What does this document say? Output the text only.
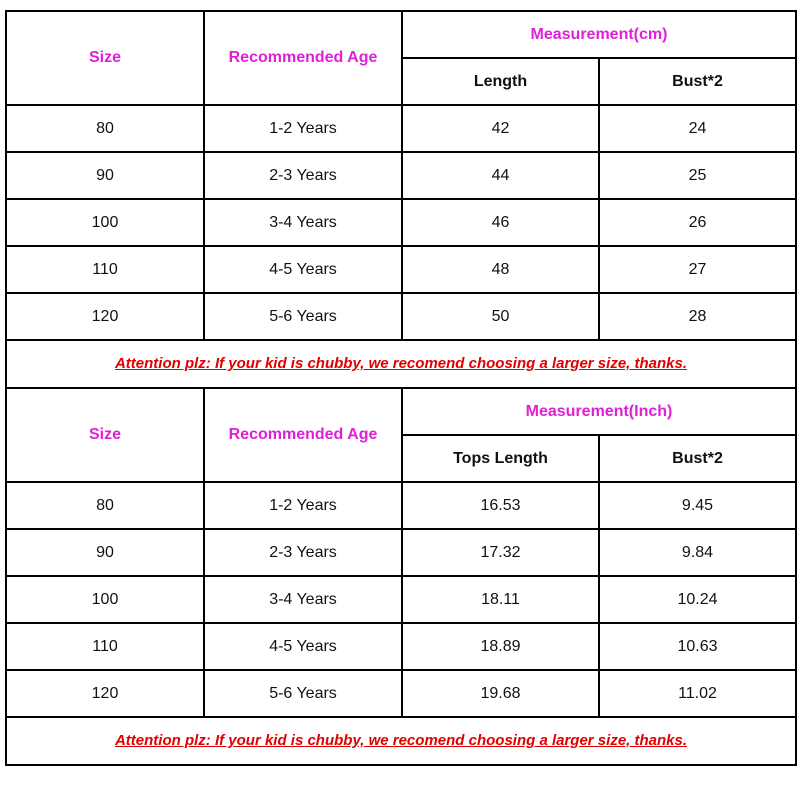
Size	Recommended Age	Measurement(cm)	
		Length	Bust*2
80	1-2 Years	42	24
90	2-3 Years	44	25
100	3-4 Years	46	26
110	4-5 Years	48	27
120	5-6 Years	50	28
Attention plz: If your kid is chubby, we recomend choosing a larger size, thanks.			
Size	Recommended Age	Measurement(Inch)	
		Tops Length	Bust*2
80	1-2 Years	16.53	9.45
90	2-3 Years	17.32	9.84
100	3-4 Years	18.11	10.24
110	4-5 Years	18.89	10.63
120	5-6 Years	19.68	11.02
Attention plz: If your kid is chubby, we recomend choosing a larger size, thanks.			
